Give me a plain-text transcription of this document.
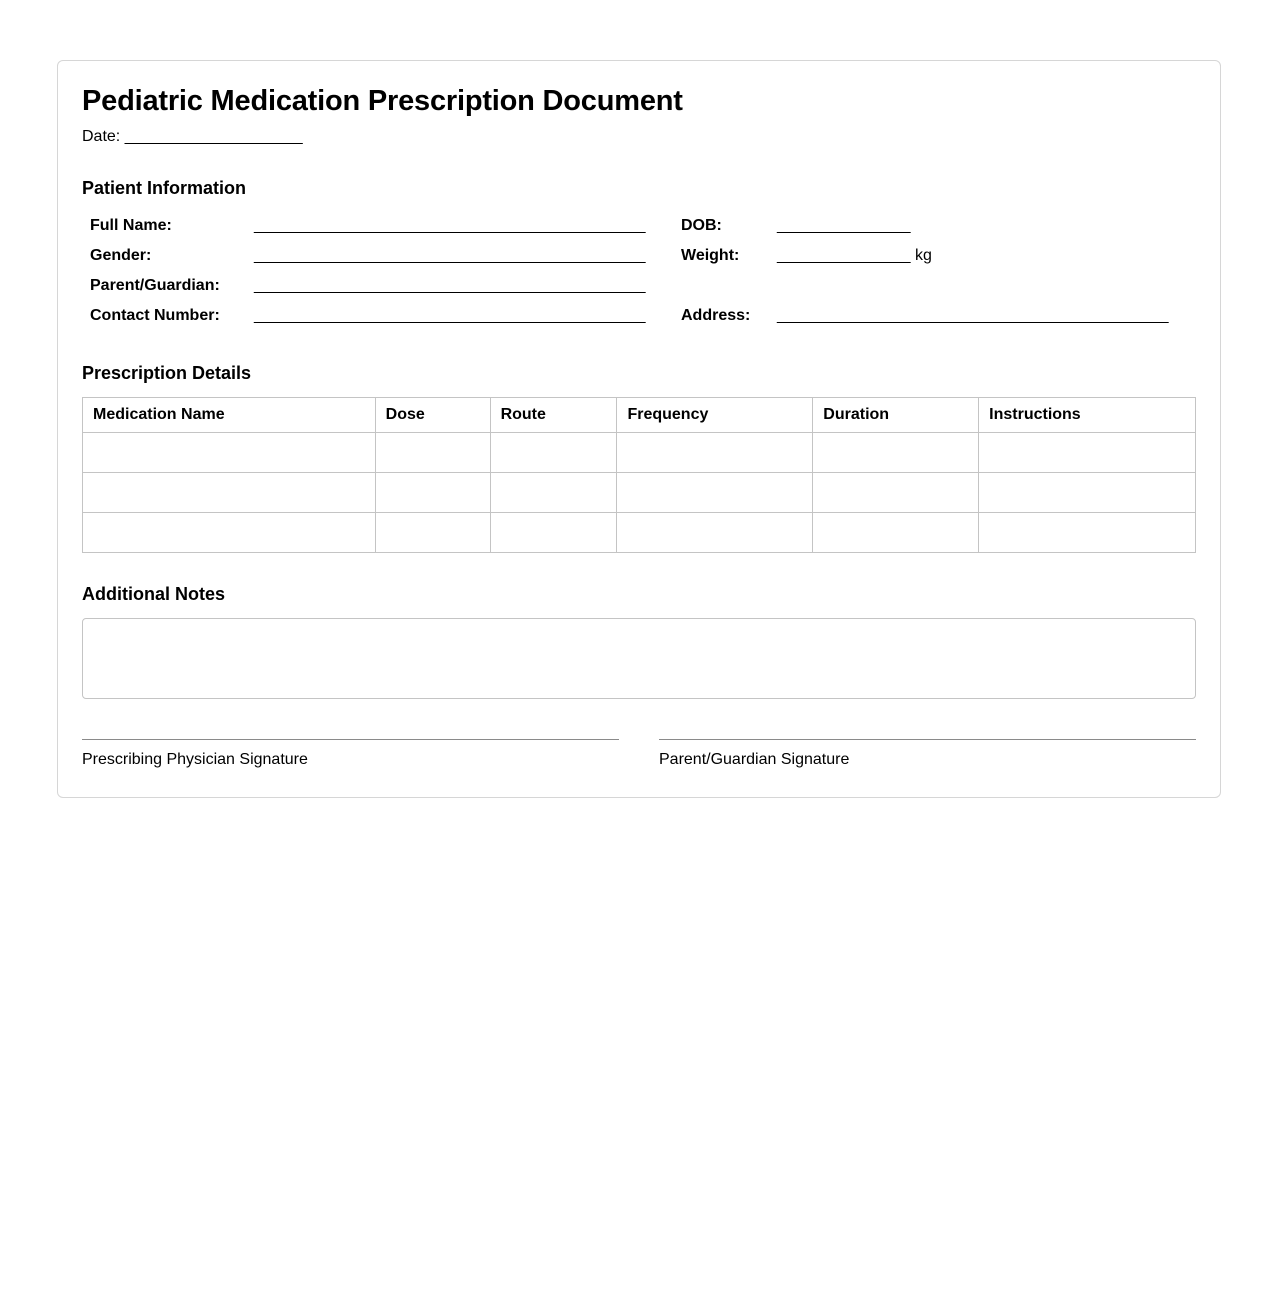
Pediatric Medication Prescription Document
Date: ____________________
Patient Information
Full Name:	____________________________________________
Gender:	____________________________________________
Parent/Guardian: ____________________________________________
Contact Number: ____________________________________________
DOB:	_______________
Weight: _______________ kg
Address: ____________________________________________
Prescription Details
Medication Name	Dose	Route	Frequency	Duration	Instructions

Additional Notes
Prescribing Physician Signature	Parent/Guardian Signature
